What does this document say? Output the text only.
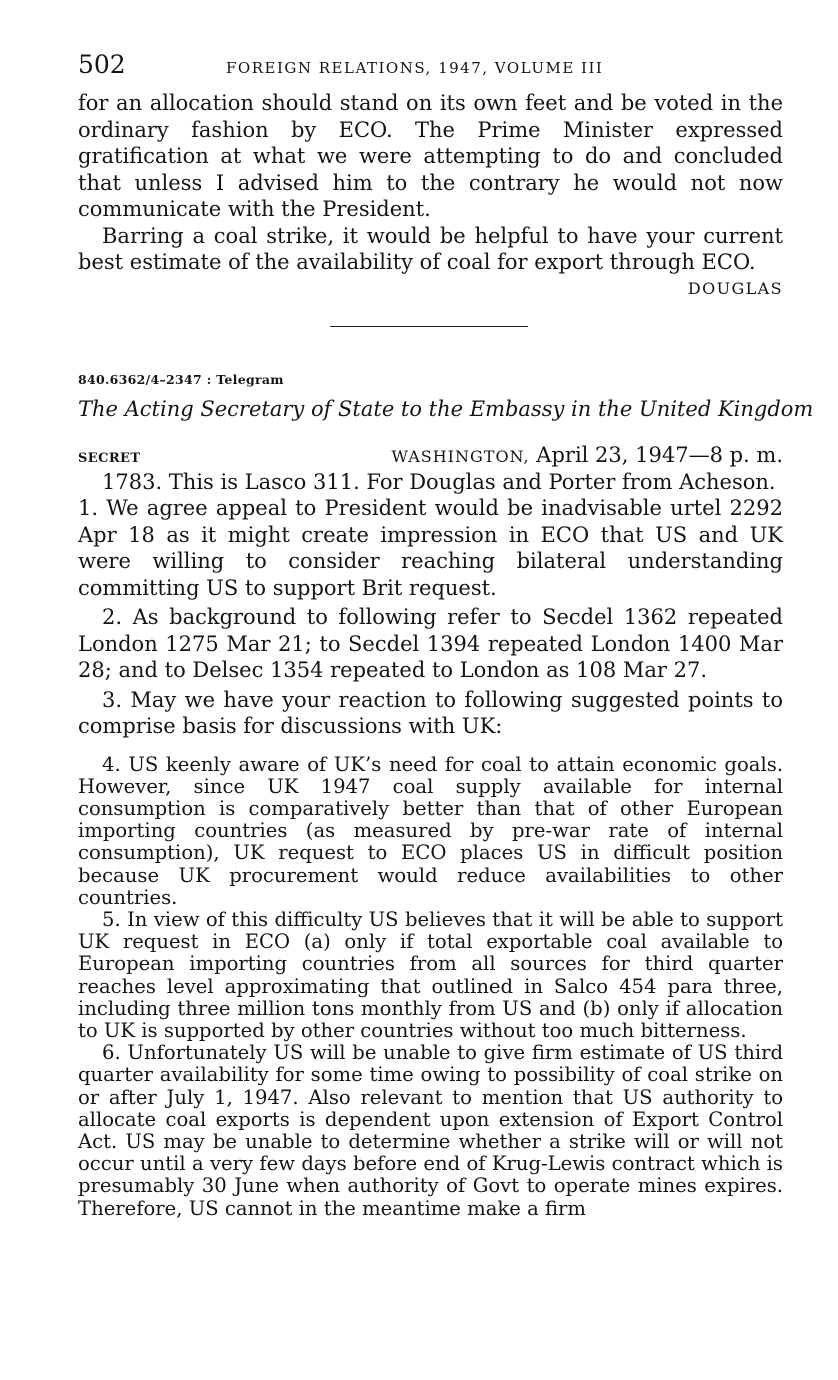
502	FOREIGN RELATIONS, 1947, VOLUME III

for an allocation should stand on its own feet and be voted in the ordinary fashion by ECO. The Prime Minister expressed gratification at what we were attempting to do and concluded that unless I advised him to the contrary he would not now communicate with the President.

Barring a coal strike, it would be helpful to have your current best estimate of the availability of coal for export through ECO.

DOUGLAS
840.6362/4–2347 : Telegram
The Acting Secretary of State to the Embassy in the United Kingdom
SECRET	WASHINGTON, April 23, 1947—8 p. m.

1783. This is Lasco 311. For Douglas and Porter from Acheson.

1. We agree appeal to President would be inadvisable urtel 2292 Apr 18 as it might create impression in ECO that US and UK were willing to consider reaching bilateral understanding committing US to support Brit request.

2. As background to following refer to Secdel 1362 repeated London 1275 Mar 21; to Secdel 1394 repeated London 1400 Mar 28; and to Delsec 1354 repeated to London as 108 Mar 27.

3. May we have your reaction to following suggested points to comprise basis for discussions with UK:

4. US keenly aware of UK’s need for coal to attain economic goals. However, since UK 1947 coal supply available for internal consumption is comparatively better than that of other European importing countries (as measured by pre-war rate of internal consumption), UK request to ECO places US in difficult position because UK procurement would reduce availabilities to other countries.

5. In view of this difficulty US believes that it will be able to support UK request in ECO (a) only if total exportable coal available to European importing countries from all sources for third quarter reaches level approximating that outlined in Salco 454 para three, including three million tons monthly from US and (b) only if allocation to UK is supported by other countries without too much bitterness.

6. Unfortunately US will be unable to give firm estimate of US third quarter availability for some time owing to possibility of coal strike on or after July 1, 1947. Also relevant to mention that US authority to allocate coal exports is dependent upon extension of Export Control Act. US may be unable to determine whether a strike will or will not occur until a very few days before end of Krug-Lewis contract which is presumably 30 June when authority of Govt to operate mines expires. Therefore, US cannot in the meantime make a firm
